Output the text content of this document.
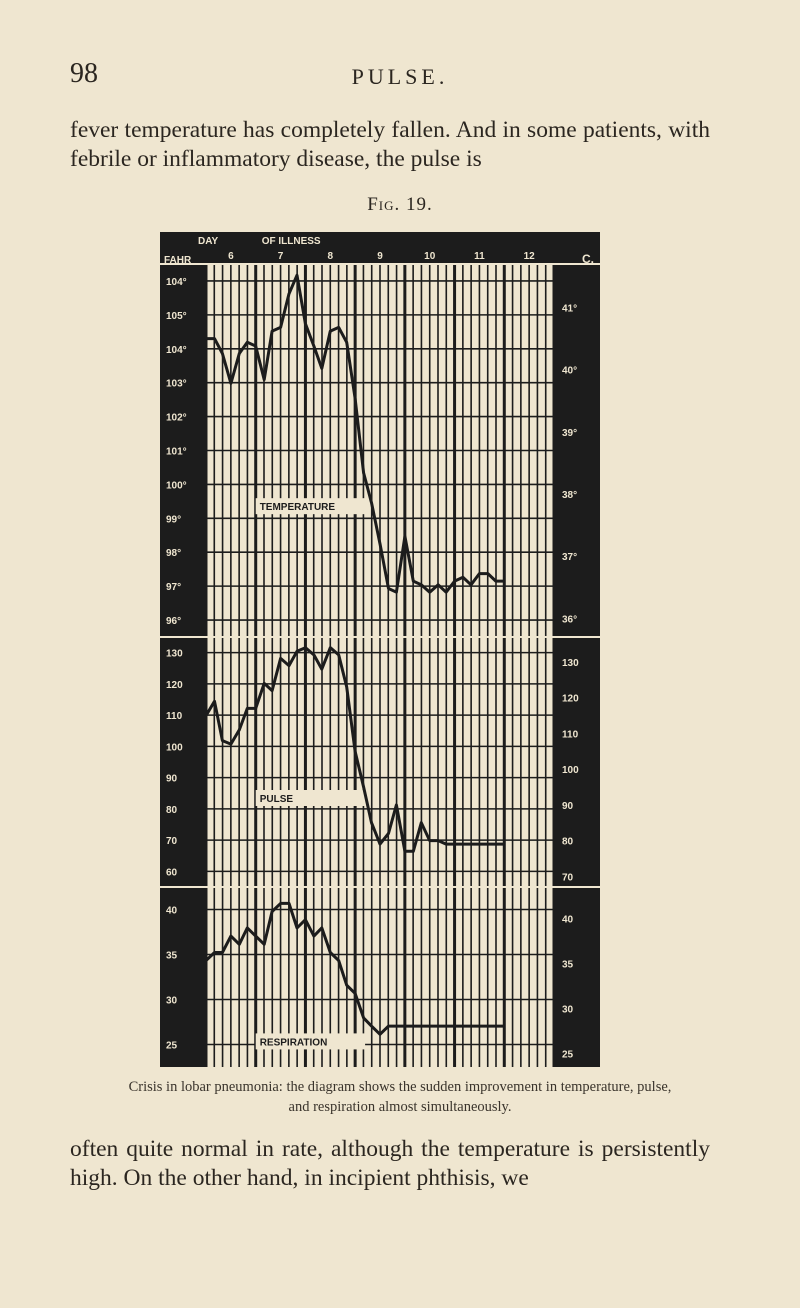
98	PULSE.

fever temperature has completely fallen. And in some patients, with febrile or inflammatory disease, the pulse is

Fig. 19.
6	7	8	9	10	11	12
FAHR	C.
DAY	OF ILLNESS
104°
105°
104°
103°
102°
101°
100°
99°
98°
97°
96°
41°
40°
39°
38°
37°
36°
TEMPERATURE
130
120
110
100
90
80
70
60
130
120
110
100
90
80
70
PULSE
40
35
30
25
40
35
30
25
RESPIRATION
Crisis in lobar pneumonia: the diagram shows the sudden improvement in temperature, pulse, and respiration almost simultaneously.

often quite normal in rate, although the temperature is persistently high. On the other hand, in incipient phthisis, we
